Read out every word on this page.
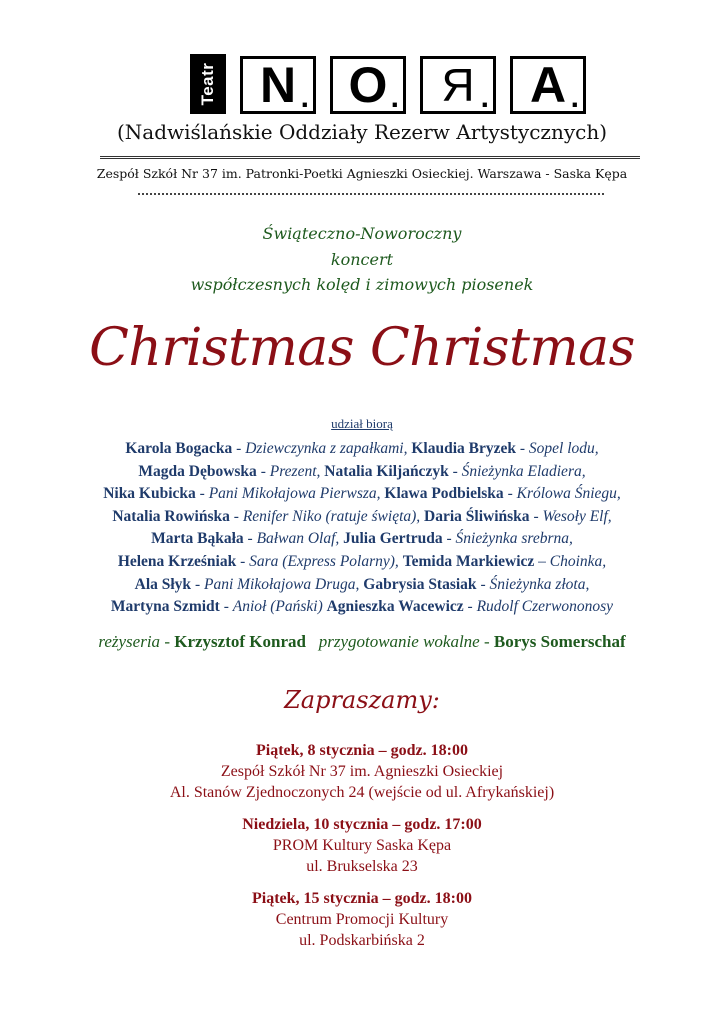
Teatr N . O . Я . A .
(Nadwiślańskie Oddziały Rezerw Artystycznych)
Zespół Szkół Nr 37 im. Patronki-Poetki Agnieszki Osieckiej. Warszawa - Saska Kępa
Świąteczno-Noworoczny
koncert
współczesnych kolęd i zimowych piosenek
Christmas Christmas
udział biorą
Karola Bogacka - Dziewczynka z zapałkami, Klaudia Bryzek - Sopel lodu,
Magda Dębowska - Prezent, Natalia Kiljańczyk - Śnieżynka Eladiera,
Nika Kubicka - Pani Mikołajowa Pierwsza, Klawa Podbielska - Królowa Śniegu,
Natalia Rowińska - Renifer Niko (ratuje święta), Daria Śliwińska - Wesoły Elf,
Marta Bąkała - Bałwan Olaf, Julia Gertruda - Śnieżynka srebrna,
Helena Krześniak - Sara (Express Polarny), Temida Markiewicz – Choinka,
Ala Słyk - Pani Mikołajowa Druga, Gabrysia Stasiak - Śnieżynka złota,
Martyna Szmidt - Anioł (Pański) Agnieszka Wacewicz - Rudolf Czerwononosy
reżyseria - Krzysztof Konrad przygotowanie wokalne - Borys Somerschaf
Zapraszamy:
Piątek, 8 stycznia – godz. 18:00
Zespół Szkół Nr 37 im. Agnieszki Osieckiej
Al. Stanów Zjednoczonych 24 (wejście od ul. Afrykańskiej)
Niedziela, 10 stycznia – godz. 17:00
PROM Kultury Saska Kępa
ul. Brukselska 23
Piątek, 15 stycznia – godz. 18:00
Centrum Promocji Kultury
ul. Podskarbińska 2
